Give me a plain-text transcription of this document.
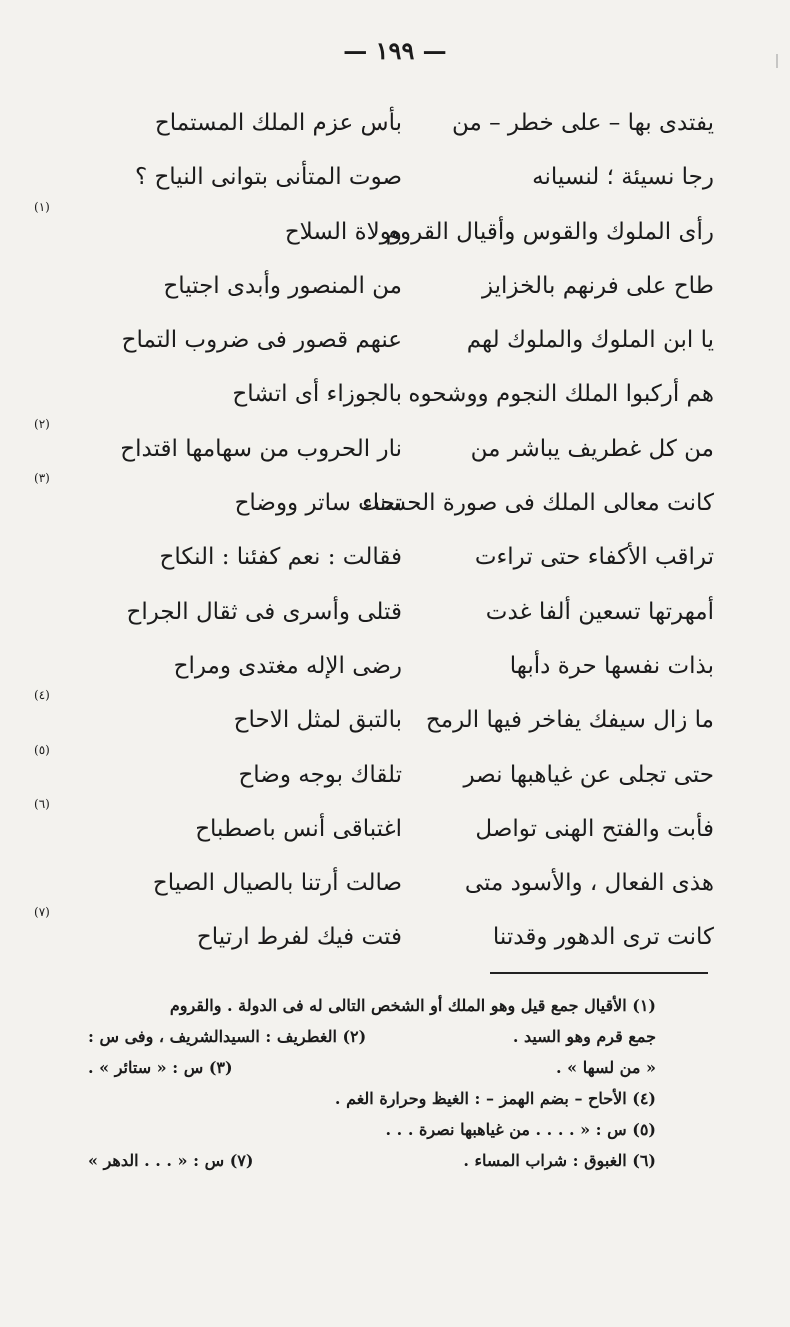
— ١٩٩ —
يفتدى بها – على خطر – من
بأس عزم الملك المستماح
رجا نسيئة ؛ لنسيانه
صوت المتأنى بتوانى النياح ؟
رأى الملوك والقوس وأقيال القروم
وولاة السلاح
(١)
طاح على فرنهم بالخزايز
من المنصور وأبدى اجتياح
يا ابن الملوك والملوك لهم
عنهم قصور فى ضروب التماح
هم أركبوا الملك النجوم ووشحوه
بالجوزاء أى اتشاح
من كل غطريف يباشر من
نار الحروب من سهامها اقتداح
(٢)
كانت معالى الملك فى صورة الحسناء
تحت ساتر ووضاح
(٣)
تراقب الأكفاء حتى تراءت
فقالت : نعم كفئنا : النكاح
أمهرتها تسعين ألفا غدت
قتلى وأسرى فى ثقال الجراح
بذات نفسها حرة دأبها
رضى الإله مغتدى ومراح
ما زال سيفك يفاخر فيها الرمح
بالتبق لمثل الاحاح
(٤)
حتى تجلى عن غياهبها نصر
تلقاك بوجه وضاح
(٥)
فأبت والفتح الهنى تواصل
اغتباقى أنس باصطباح
(٦)
هذى الفعال ، والأسود متى
صالت أرتنا بالصيال الصياح
كانت ترى الدهور وقدتنا
فتت فيك لفرط ارتياح
(٧)
(١) الأقيال جمع قيل وهو الملك أو الشخص التالى له فى الدولة . والقروم
جمع قرم وهو السيد .
(٢) الغطريف : السيدالشريف ، وفى س :
« من لسها » .
(٣) س : « ستائر » .
(٤) الأحاح – بضم الهمز – : الغيظ وحرارة الغم .
(٥) س : « . . . . من غياهبها نصرة . . .
(٦) الغبوق : شراب المساء .
(٧) س : « . . . الدهر »
